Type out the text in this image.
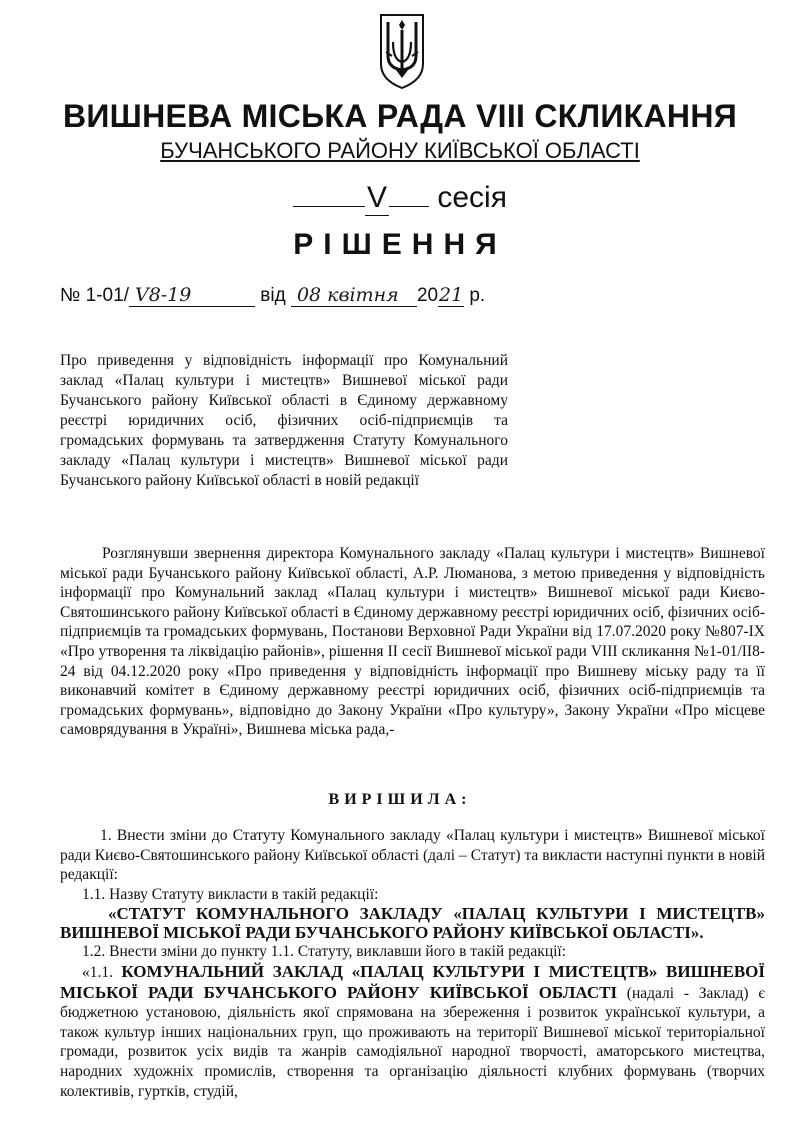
ВИШНЕВА МІСЬКА РАДА VIII СКЛИКАННЯ
БУЧАНСЬКОГО РАЙОНУ КИЇВСЬКОЇ ОБЛАСТІ
V сесія
РІШЕННЯ
№ 1-01/ V8-19	від 08 квітня 2021 р.
Про приведення у відповідність інформації про Комунальний заклад «Палац культури і мистецтв» Вишневої міської ради Бучанського району Київської області в Єдиному державному реєстрі юридичних осіб, фізичних осіб-підприємців та громадських формувань та затвердження Статуту Комунального закладу «Палац культури і мистецтв» Вишневої міської ради Бучанського району Київської області в новій редакції
Розглянувши звернення директора Комунального закладу «Палац культури і мистецтв» Вишневої міської ради Бучанського району Київської області, А.Р. Люманова, з метою приведення у відповідність інформації про Комунальний заклад «Палац культури і мистецтв» Вишневої міської ради Києво-Святошинського району Київської області в Єдиному державному реєстрі юридичних осіб, фізичних осіб-підприємців та громадських формувань, Постанови Верховної Ради України від 17.07.2020 року №807-IX «Про утворення та ліквідацію районів», рішення II сесії Вишневої міської ради VIII скликання №1-01/II8-24 від 04.12.2020 року «Про приведення у відповідність інформації про Вишневу міську раду та її виконавчий комітет в Єдиному державному реєстрі юридичних осіб, фізичних осіб-підприємців та громадських формувань», відповідно до Закону України «Про культуру», Закону України «Про місцеве самоврядування в Україні», Вишнева міська рада,-
ВИРІШИЛА:

1. Внести зміни до Статуту Комунального закладу «Палац культури і мистецтв» Вишневої міської ради Києво-Святошинського району Київської області (далі – Статут) та викласти наступні пункти в новій редакції:

1.1. Назву Статуту викласти в такій редакції:

«СТАТУТ КОМУНАЛЬНОГО ЗАКЛАДУ «ПАЛАЦ КУЛЬТУРИ І МИСТЕЦТВ» ВИШНЕВОЇ МІСЬКОЇ РАДИ БУЧАНСЬКОГО РАЙОНУ КИЇВСЬКОЇ ОБЛАСТІ».

1.2. Внести зміни до пункту 1.1. Статуту, виклавши його в такій редакції:

«1.1. КОМУНАЛЬНИЙ ЗАКЛАД «ПАЛАЦ КУЛЬТУРИ І МИСТЕЦТВ» ВИШНЕВОЇ МІСЬКОЇ РАДИ БУЧАНСЬКОГО РАЙОНУ КИЇВСЬКОЇ ОБЛАСТІ (надалі - Заклад) є бюджетною установою, діяльність якої спрямована на збереження і розвиток української культури, а також культур інших національних груп, що проживають на території Вишневої міської територіальної громади, розвиток усіх видів та жанрів самодіяльної народної творчості, аматорського мистецтва, народних художніх промислів, створення та організацію діяльності клубних формувань (творчих колективів, гуртків, студій,
